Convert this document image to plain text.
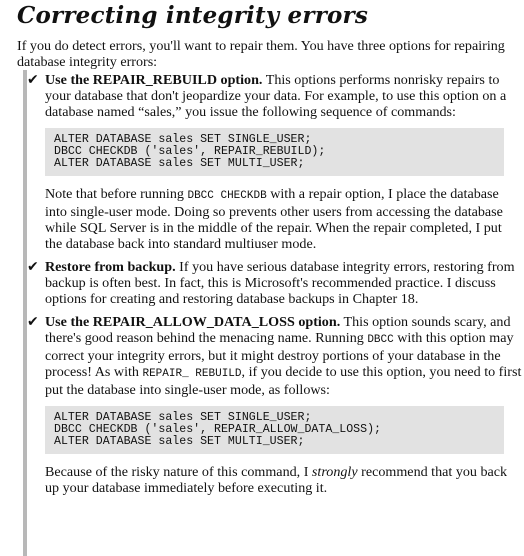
Correcting integrity errors

If you do detect errors, you'll want to repair them. You have three options for repairing database integrity errors:

✔ Use the REPAIR_REBUILD option. This options performs nonrisky repairs to your database that don't jeopardize your data. For example, to use this option on a database named “sales,” you issue the following sequence of commands:

ALTER DATABASE sales SET SINGLE_USER;
DBCC CHECKDB ('sales', REPAIR_REBUILD);
ALTER DATABASE sales SET MULTI_USER;

Note that before running DBCC CHECKDB with a repair option, I place the database into single-user mode. Doing so prevents other users from accessing the database while SQL Server is in the middle of the repair. When the repair completed, I put the database back into standard multiuser mode.

✔ Restore from backup. If you have serious database integrity errors, restoring from backup is often best. In fact, this is Microsoft's recommended practice. I discuss options for creating and restoring database backups in Chapter 18.

✔ Use the REPAIR_ALLOW_DATA_LOSS option. This option sounds scary, and there's good reason behind the menacing name. Running DBCC with this option may correct your integrity errors, but it might destroy portions of your database in the process! As with REPAIR_ REBUILD, if you decide to use this option, you need to first put the database into single-user mode, as follows:

ALTER DATABASE sales SET SINGLE_USER;
DBCC CHECKDB ('sales', REPAIR_ALLOW_DATA_LOSS);
ALTER DATABASE sales SET MULTI_USER;

Because of the risky nature of this command, I strongly recommend that you back up your database immediately before executing it.
